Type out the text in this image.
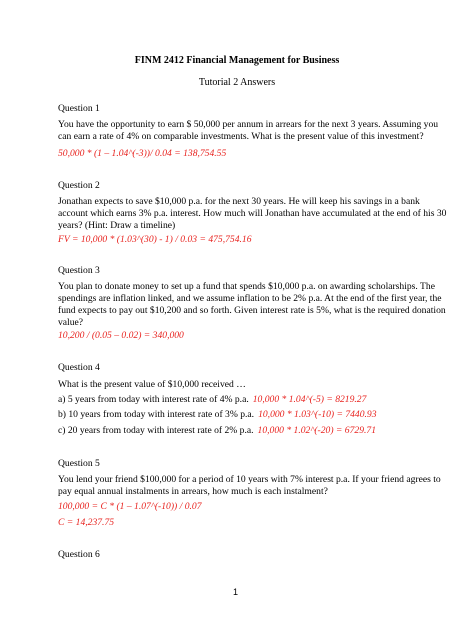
FINM 2412 Financial Management for Business
Tutorial 2 Answers
Question 1
You have the opportunity to earn $ 50,000 per annum in arrears for the next 3 years. Assuming you
can earn a rate of 4% on comparable investments. What is the present value of this investment?
50,000 * (1 – 1.04^(-3))/ 0.04 = 138,754.55
Question 2
Jonathan expects to save $10,000 p.a. for the next 30 years. He will keep his savings in a bank
account which earns 3% p.a. interest. How much will Jonathan have accumulated at the end of his 30
years? (Hint: Draw a timeline)
FV = 10,000 * (1.03^(30) - 1) / 0.03 = 475,754.16
Question 3
You plan to donate money to set up a fund that spends $10,000 p.a. on awarding scholarships. The
spendings are inflation linked, and we assume inflation to be 2% p.a. At the end of the first year, the
fund expects to pay out $10,200 and so forth. Given interest rate is 5%, what is the required donation
value?
10,200 / (0.05 – 0.02) = 340,000
Question 4
What is the present value of $10,000 received …
a) 5 years from today with interest rate of 4% p.a. 10,000 * 1.04^(-5) = 8219.27
b) 10 years from today with interest rate of 3% p.a. 10,000 * 1.03^(-10) = 7440.93
c) 20 years from today with interest rate of 2% p.a. 10,000 * 1.02^(-20) = 6729.71
Question 5
You lend your friend $100,000 for a period of 10 years with 7% interest p.a. If your friend agrees to
pay equal annual instalments in arrears, how much is each instalment?
100,000 = C * (1 – 1.07^(-10)) / 0.07
C = 14,237.75
Question 6
1
